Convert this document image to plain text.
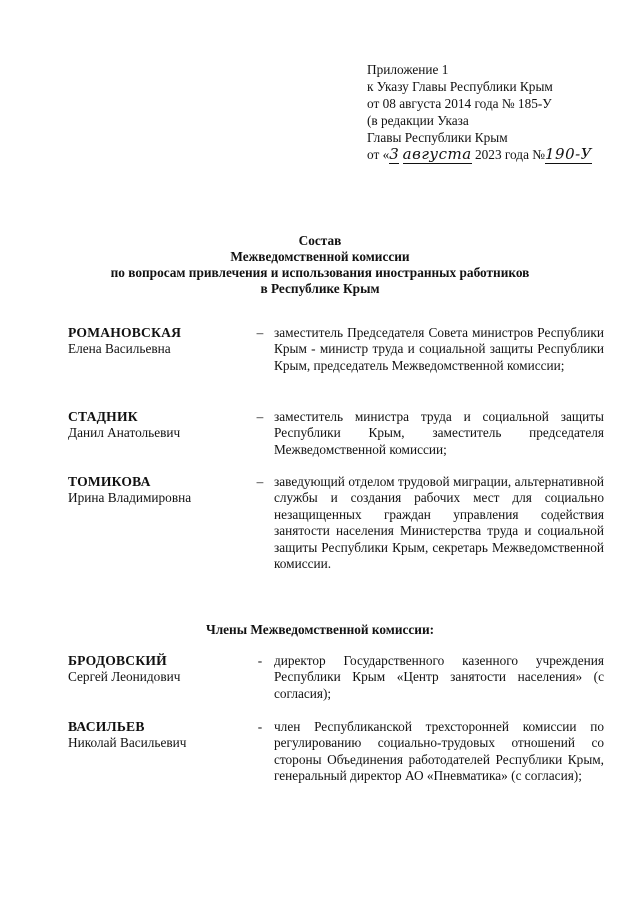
Приложение 1
к Указу Главы Республики Крым
от 08 августа 2014 года № 185-У
(в редакции Указа
Главы Республики Крым
от «3 августа 2023 года №190-У
Состав
Межведомственной комиссии
по вопросам привлечения и использования иностранных работников
в Республике Крым
РОМАНОВСКАЯ
Елена Васильевна
– заместитель Председателя Совета министров Республики Крым - министр труда и социальной защиты Республики Крым, председатель Межведомственной комиссии;
СТАДНИК
Данил Анатольевич
– заместитель министра труда и социальной защиты Республики Крым, заместитель председателя Межведомственной комиссии;
ТОМИКОВА
Ирина Владимировна
– заведующий отделом трудовой миграции, альтернативной службы и создания рабочих мест для социально незащищенных граждан управления содействия занятости населения Министерства труда и социальной защиты Республики Крым, секретарь Межведомственной комиссии.
Члены Межведомственной комиссии:
БРОДОВСКИЙ
Сергей Леонидович
- директор Государственного казенного учреждения Республики Крым «Центр занятости населения» (с согласия);
ВАСИЛЬЕВ
Николай Васильевич
- член Республиканской трехсторонней комиссии по регулированию социально-трудовых отношений со стороны Объединения работодателей Республики Крым, генеральный директор АО «Пневматика» (с согласия);
